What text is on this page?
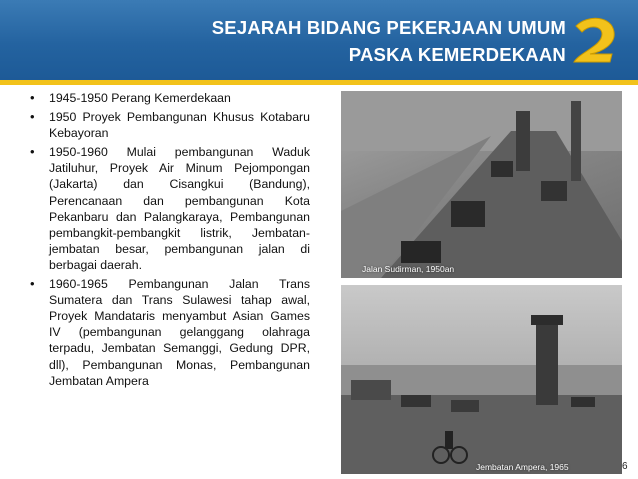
SEJARAH BIDANG PEKERJAAN UMUM
PASKA KEMERDEKAAN
• 1945-1950 Perang Kemerdekaan
• 1950 Proyek Pembangunan Khusus Kotabaru Kebayoran
• 1950-1960 Mulai pembangunan Waduk Jatiluhur, Proyek Air Minum Pejompongan (Jakarta) dan Cisangkui (Bandung), Perencanaan dan pembangunan Kota Pekanbaru dan Palangkaraya, Pembangunan pembangkit-pembangkit listrik, Jembatan-jembatan besar, pembangunan jalan di berbagai daerah.
• 1960-1965 Pembangunan Jalan Trans Sumatera dan Trans Sulawesi tahap awal, Proyek Mandataris menyambut Asian Games IV (pembangunan gelanggang olahraga terpadu, Jembatan Semanggi, Gedung DPR, dll), Pembangunan Monas, Pembangunan Jembatan Ampera
Jalan Sudirman, 1950an
Jembatan Ampera, 1965	6
